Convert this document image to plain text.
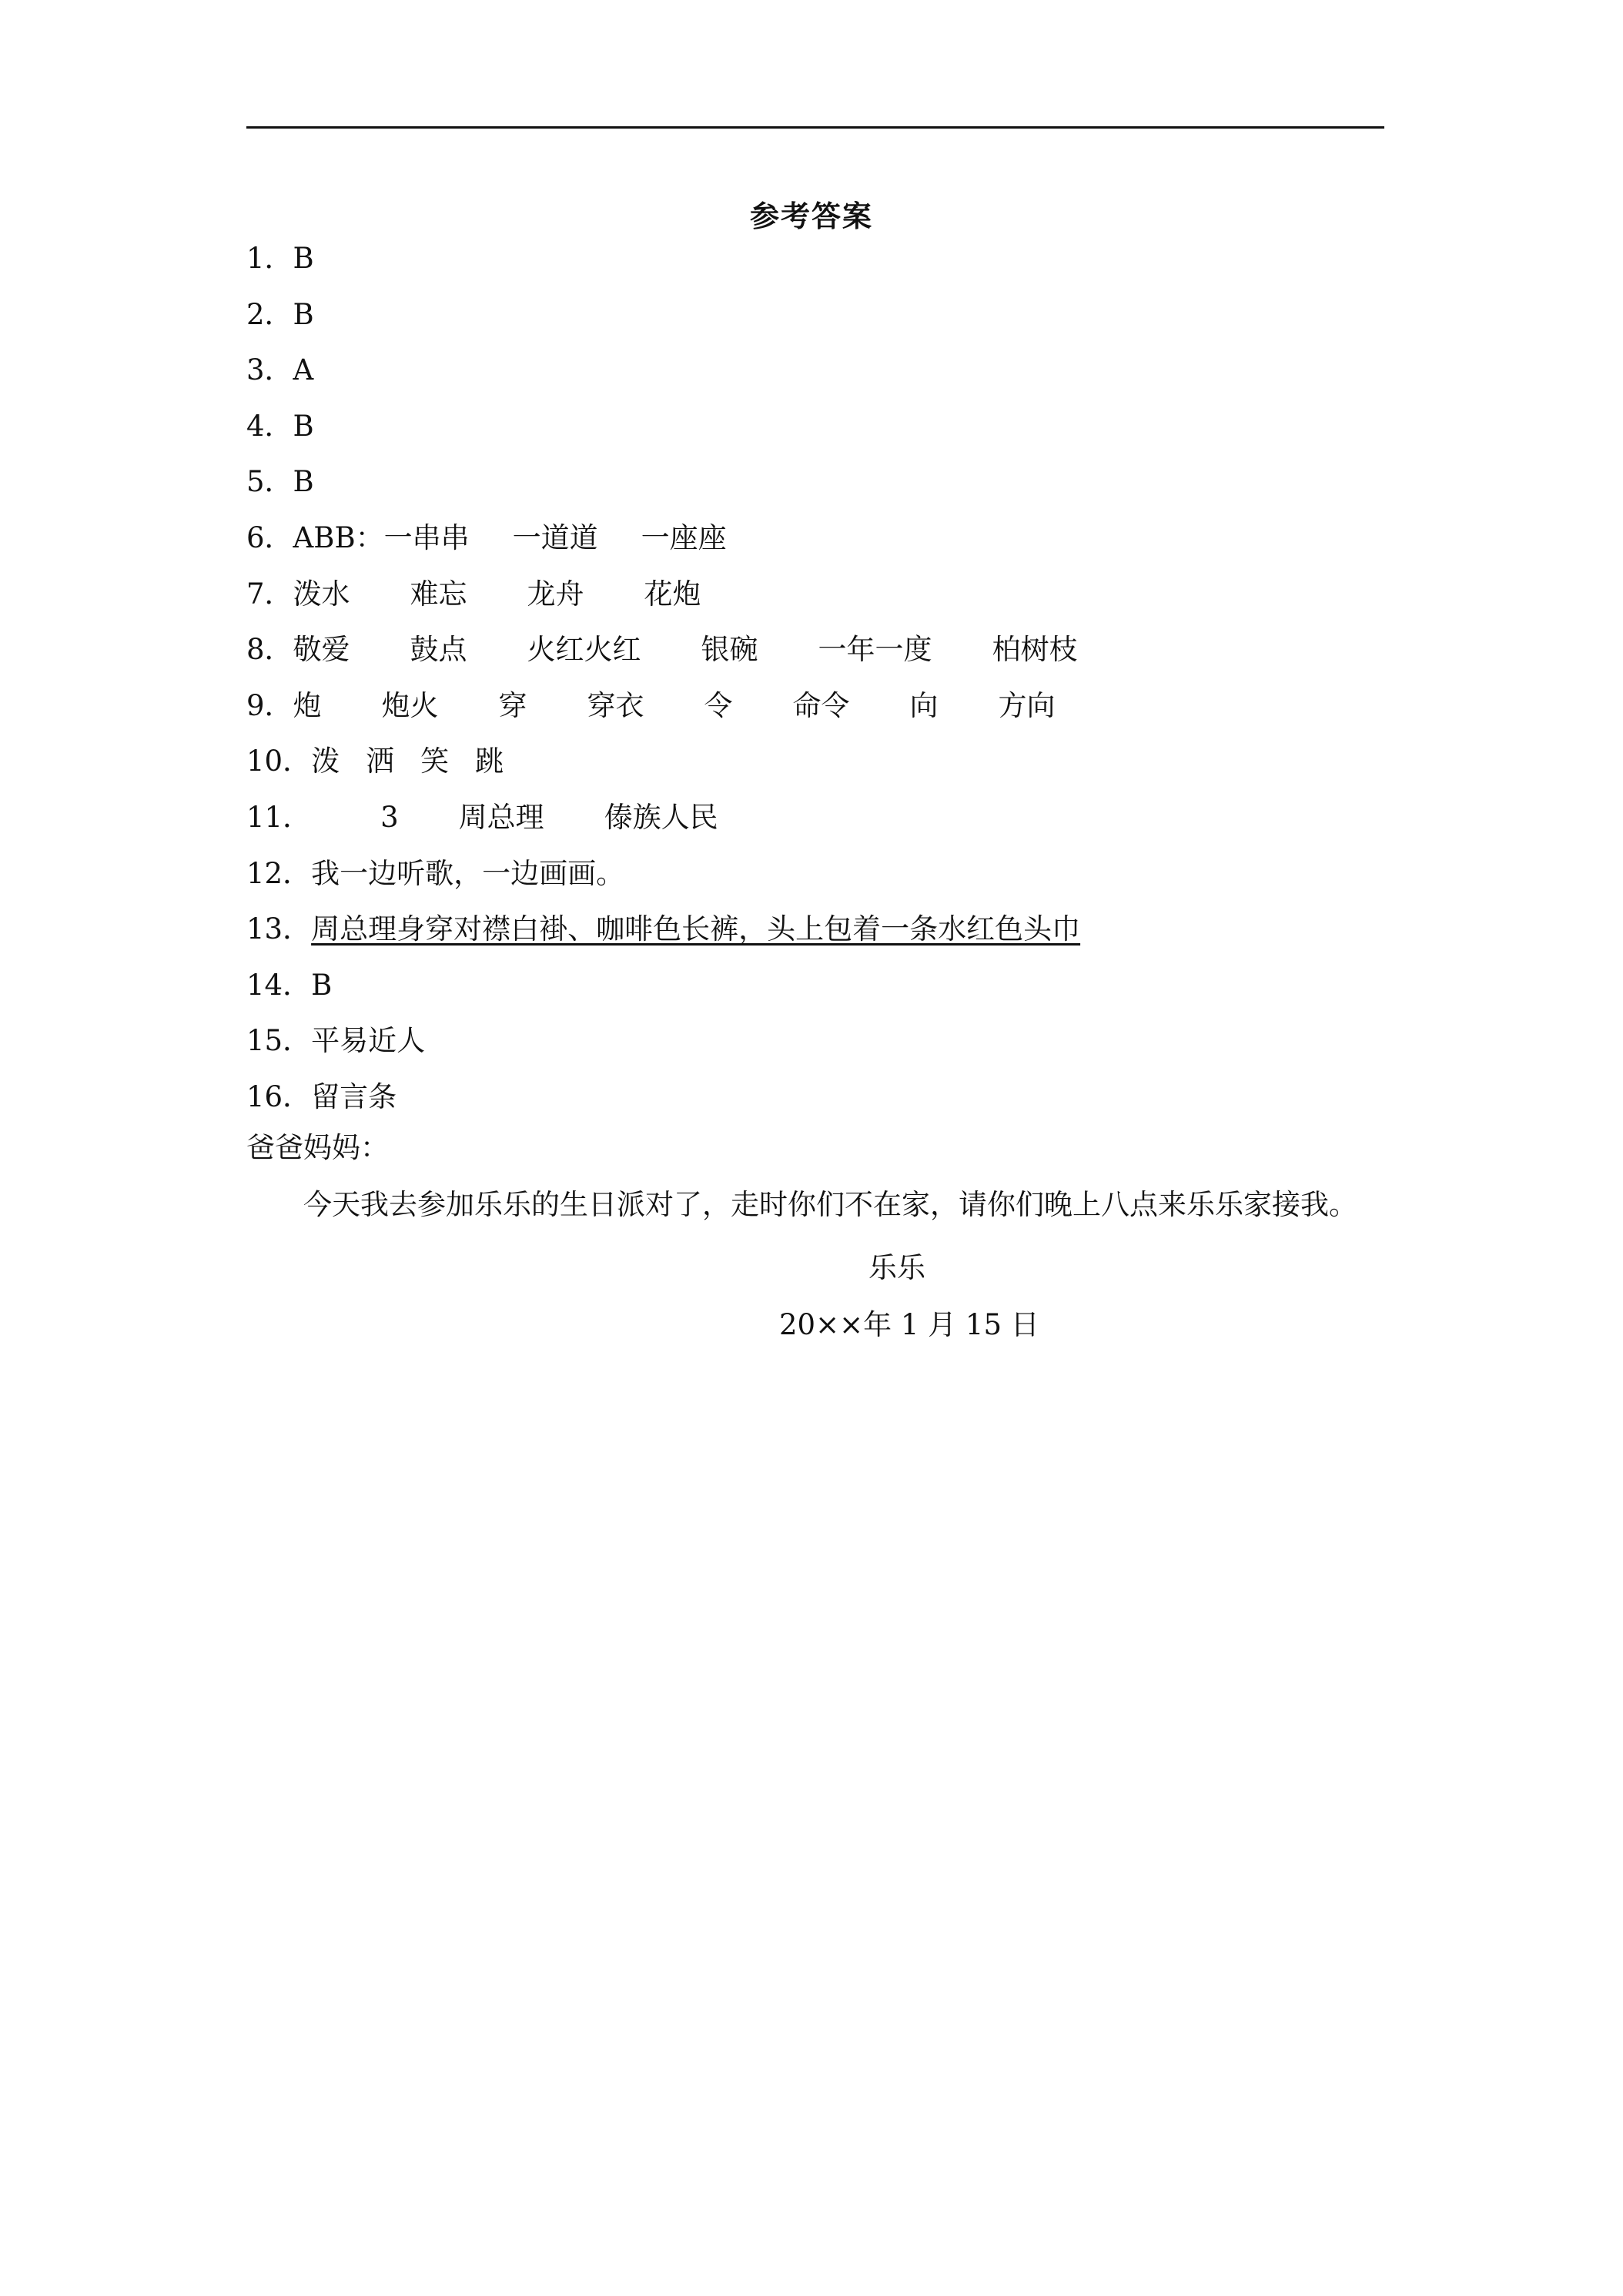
参考答案
1．B
2．B
3．A
4．B
5．B
6．ABB：一串串 一道道 一座座
7．泼水 难忘 龙舟 花炮
8．敬爱 鼓点 火红火红 银碗 一年一度 柏树枝
9．炮 炮火 穿 穿衣 令 命令 向 方向
10．泼 洒 笑 跳
11． 3 周总理 傣族人民
12．我一边听歌，一边画画。
13．周总理身穿对襟白褂、咖啡色长裤，头上包着一条水红色头巾
14．B
15．平易近人
16．留言条
爸爸妈妈：
今天我去参加乐乐的生日派对了，走时你们不在家，请你们晚上八点来乐乐家接我。
乐乐
20××年 1 月 15 日
